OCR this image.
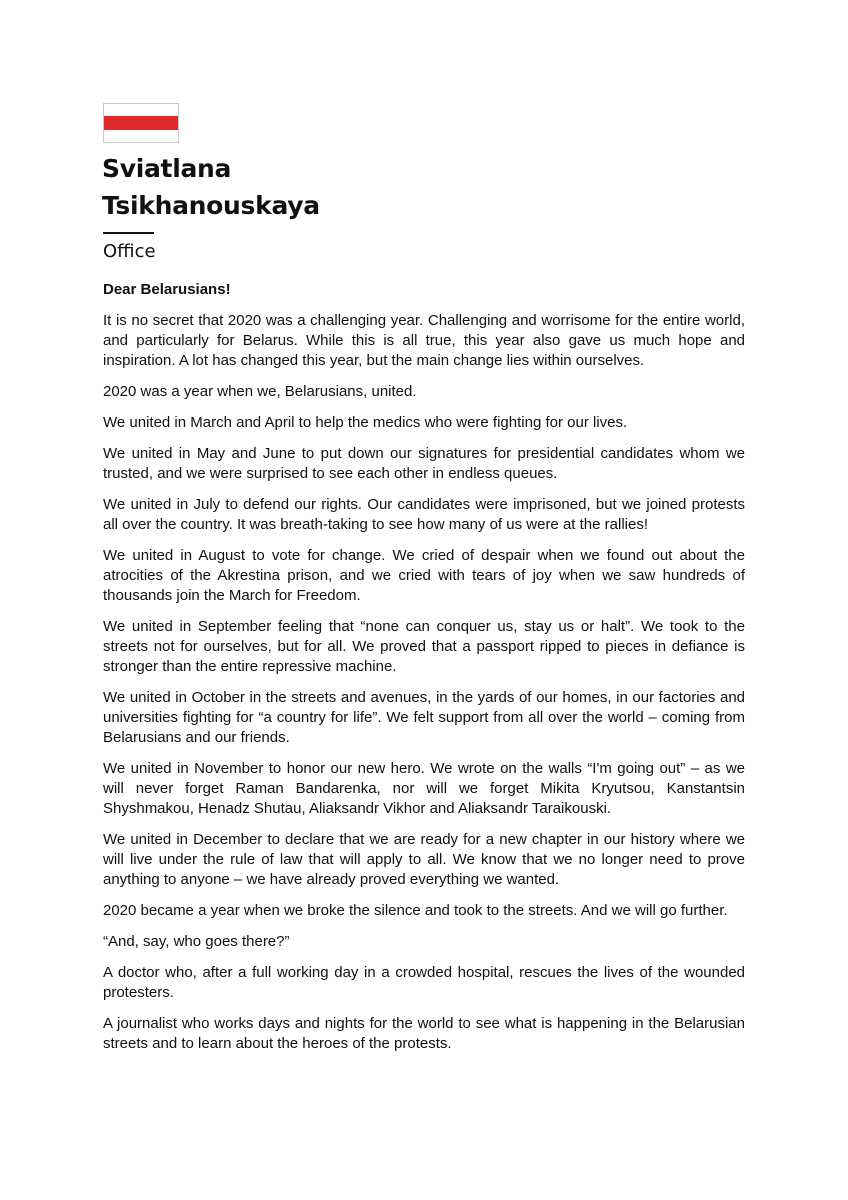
Sviatlana
Tsikhanouskaya
Office

Dear Belarusians!

It is no secret that 2020 was a challenging year. Challenging and worrisome for the entire world, and particularly for Belarus. While this is all true, this year also gave us much hope and inspiration. A lot has changed this year, but the main change lies within ourselves.

2020 was a year when we, Belarusians, united.

We united in March and April to help the medics who were fighting for our lives.

We united in May and June to put down our signatures for presidential candidates whom we trusted, and we were surprised to see each other in endless queues.

We united in July to defend our rights. Our candidates were imprisoned, but we joined protests all over the country. It was breath-taking to see how many of us were at the rallies!

We united in August to vote for change. We cried of despair when we found out about the atrocities of the Akrestina prison, and we cried with tears of joy when we saw hundreds of thousands join the March for Freedom.

We united in September feeling that “none can conquer us, stay us or halt”. We took to the streets not for ourselves, but for all. We proved that a passport ripped to pieces in defiance is stronger than the entire repressive machine.

We united in October in the streets and avenues, in the yards of our homes, in our factories and universities fighting for “a country for life”. We felt support from all over the world – coming from Belarusians and our friends.

We united in November to honor our new hero. We wrote on the walls “I'm going out” – as we will never forget Raman Bandarenka, nor will we forget Mikita Kryutsou, Kanstantsin Shyshmakou, Henadz Shutau, Aliaksandr Vikhor and Aliaksandr Taraikouski.

We united in December to declare that we are ready for a new chapter in our history where we will live under the rule of law that will apply to all. We know that we no longer need to prove anything to anyone – we have already proved everything we wanted.

2020 became a year when we broke the silence and took to the streets. And we will go further.

“And, say, who goes there?”

A doctor who, after a full working day in a crowded hospital, rescues the lives of the wounded protesters.

A journalist who works days and nights for the world to see what is happening in the Belarusian streets and to learn about the heroes of the protests.
